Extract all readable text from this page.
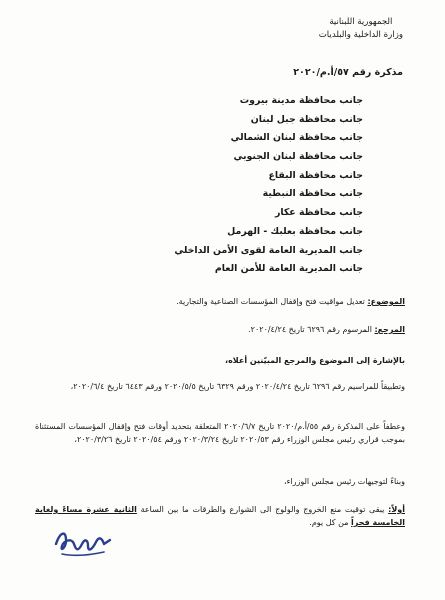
الجمهورية اللبنانية
وزارة الداخلية والبلديات
مذكرة رقم ٥٧/أ.م/٢٠٢٠
جانب محافظة مدينة بيروت
جانب محافظة جبل لبنان
جانب محافظة لبنان الشمالي
جانب محافظة لبنان الجنوبي
جانب محافظة البقاع
جانب محافظة النبطية
جانب محافظة عكار
جانب محافظة بعلبك - الهرمل
جانب المديرية العامة لقوى الأمن الداخلي
جانب المديرية العامة للأمن العام
الموضوع: تعديل مواقيت فتح وإقفال المؤسسات الصناعية والتجارية.
المرجع: المرسوم رقم ٦٢٩٦ تاريخ ٢٠٢٠/٤/٢٤.
بالإشارة إلى الموضوع والمرجع المبيّنين أعلاه،
وتطبيقاً للمراسيم رقم ٦٢٩٦ تاريخ ٢٠٢٠/٤/٢٤ ورقم ٦٣٢٩ تاريخ ٢٠٢٠/٥/٥ ورقم ٦٤٤٣ تاريخ ٢٠٢٠/٦/٤،
وعطفاً على المذكرة رقم ٥٥/أ.م/٢٠٢٠ تاريخ ٢٠٢٠/٦/٧ المتعلقة بتحديد أوقات فتح وإقفال المؤسسات المستثناة بموجب قراري رئيس مجلس الوزراء رقم ٢٠٢٠/٥٣ تاريخ ٢٠٢٠/٣/٢٤ ورقم ٢٠٢٠/٥٤ تاريخ ٢٠٢٠/٣/٢٦،
وبناءً لتوجيهات رئيس مجلس الوزراء،
أولاً: يبقى توقيت منع الخروج والولوج الى الشوارع والطرقات ما بين الساعة الثانية عشرة مساءً ولغاية الخامسة فجراً من كل يوم.
